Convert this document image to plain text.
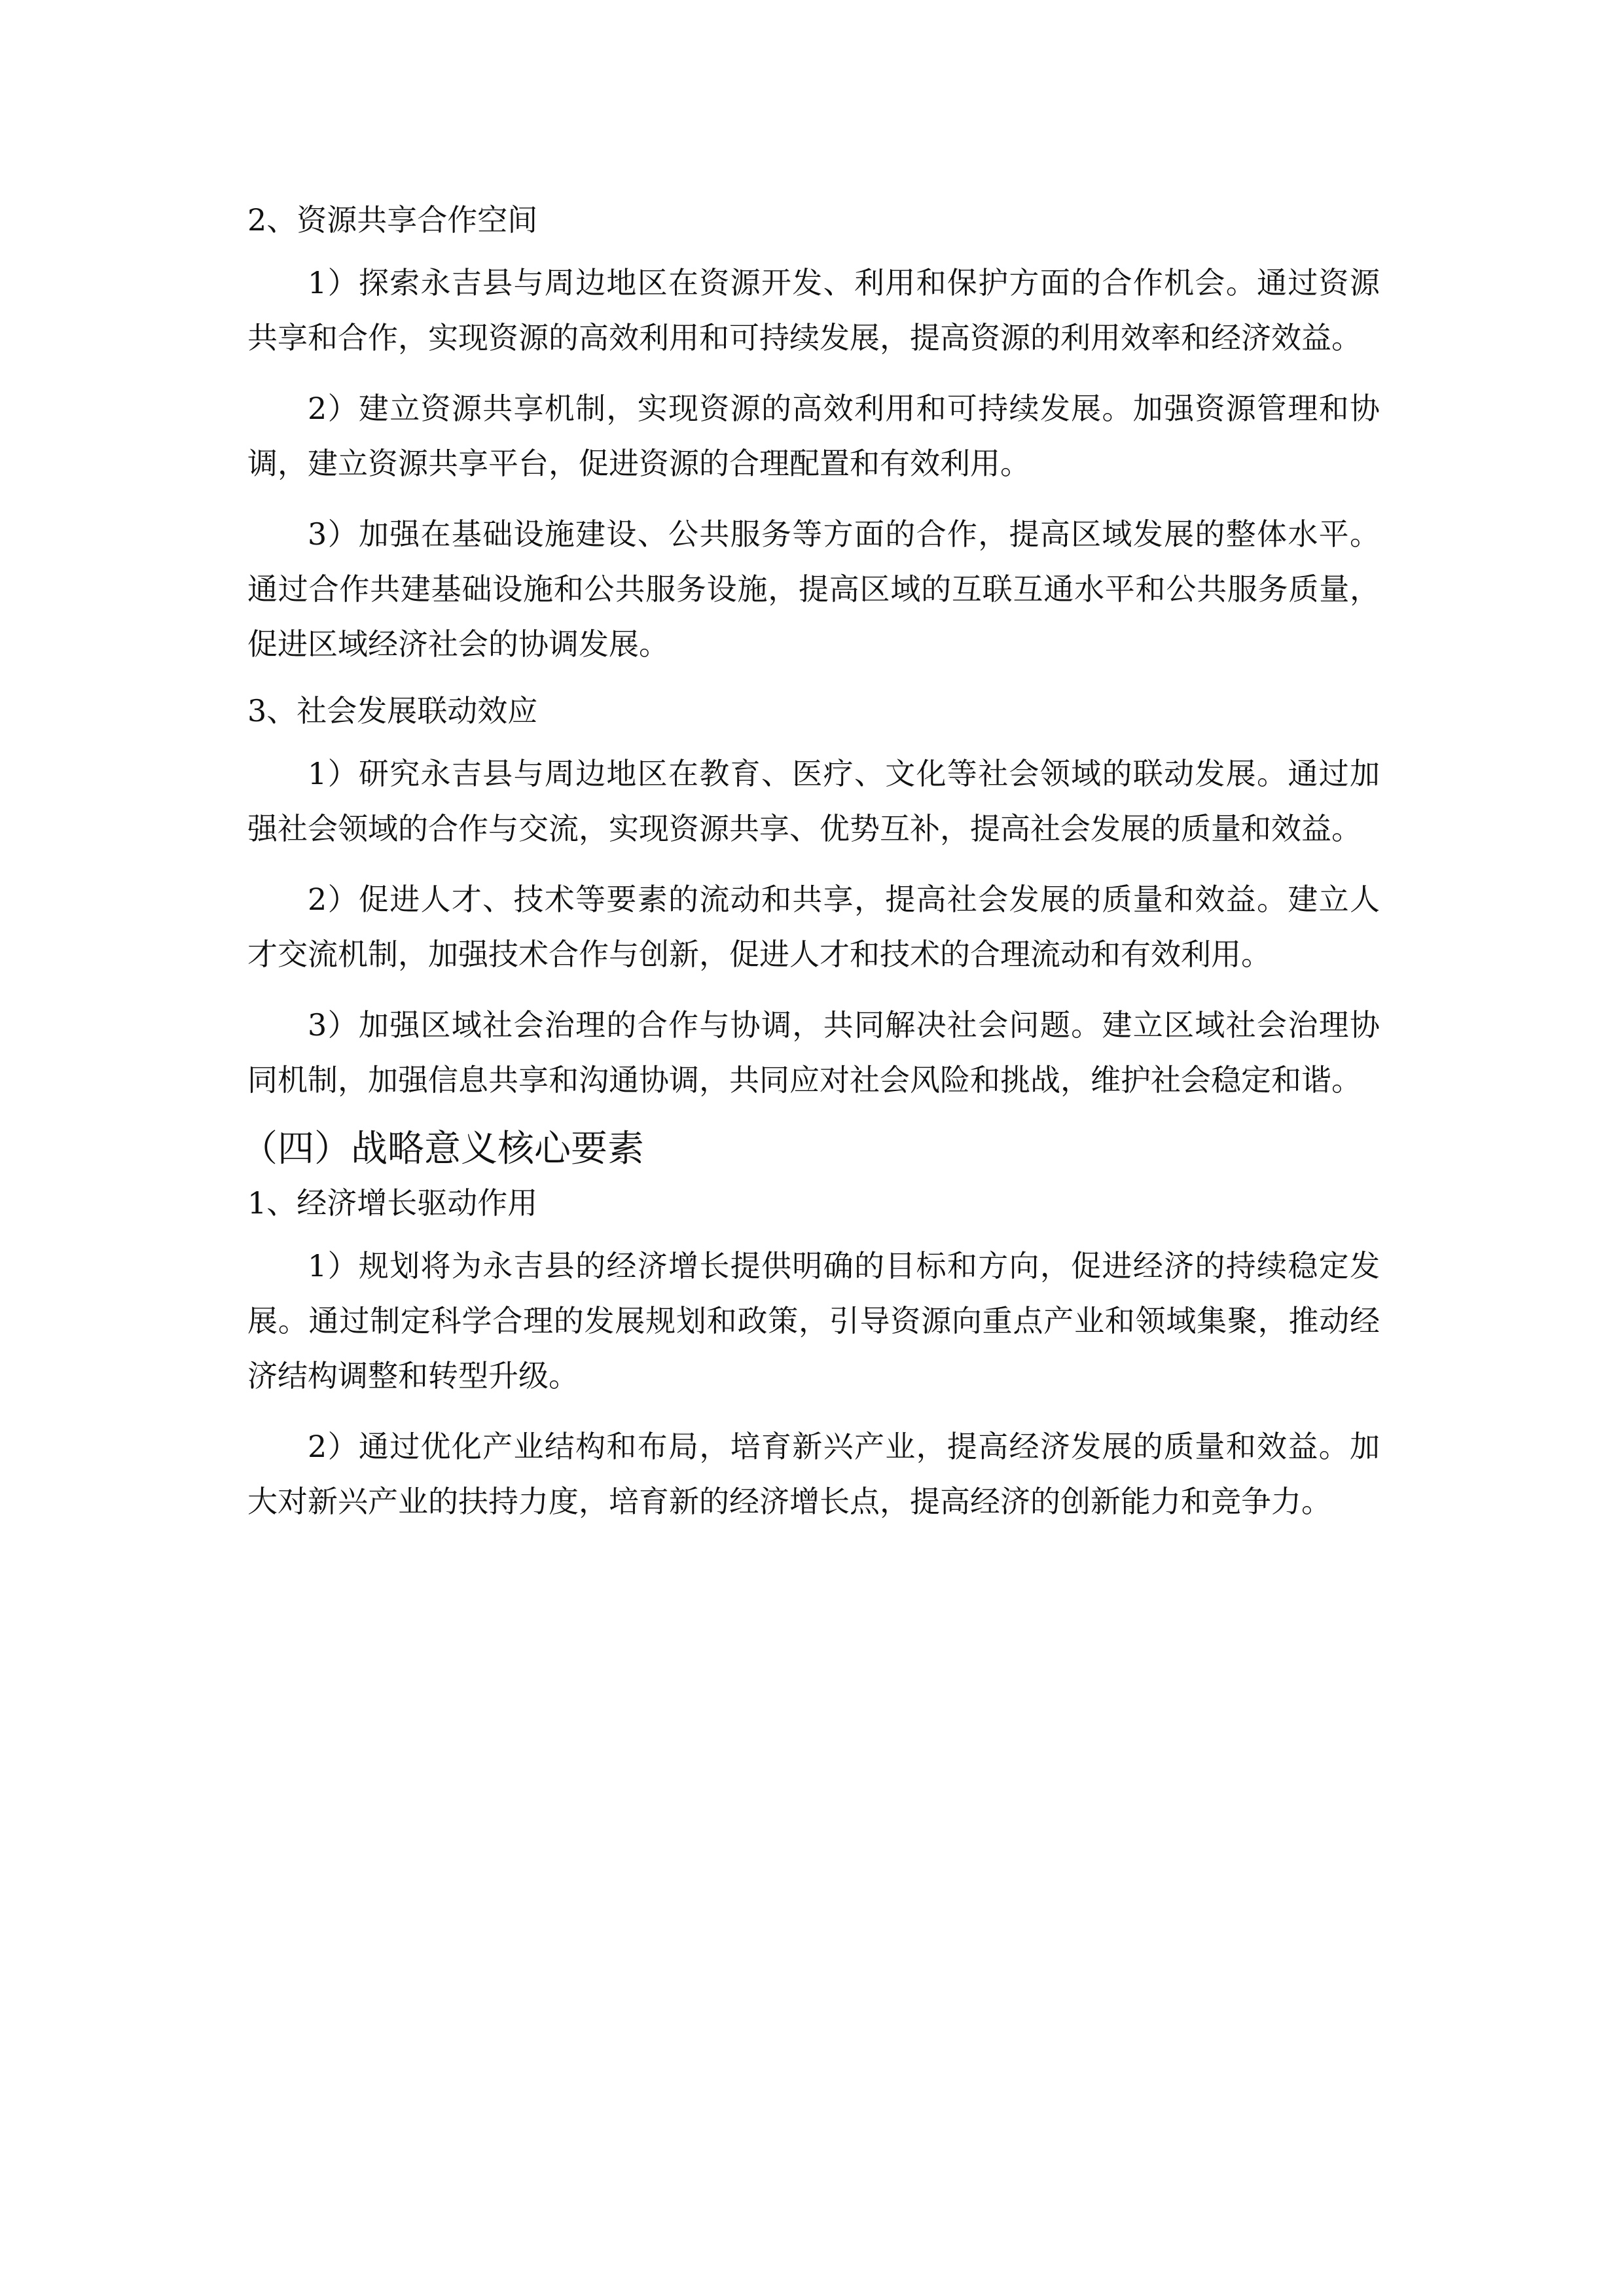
2、资源共享合作空间

1）探索永吉县与周边地区在资源开发、利用和保护方面的合作机会。通过资源共享和合作，实现资源的高效利用和可持续发展，提高资源的利用效率和经济效益。

2）建立资源共享机制，实现资源的高效利用和可持续发展。加强资源管理和协调，建立资源共享平台，促进资源的合理配置和有效利用。

3）加强在基础设施建设、公共服务等方面的合作，提高区域发展的整体水平。通过合作共建基础设施和公共服务设施，提高区域的互联互通水平和公共服务质量，促进区域经济社会的协调发展。

3、社会发展联动效应

1）研究永吉县与周边地区在教育、医疗、文化等社会领域的联动发展。通过加强社会领域的合作与交流，实现资源共享、优势互补，提高社会发展的质量和效益。

2）促进人才、技术等要素的流动和共享，提高社会发展的质量和效益。建立人才交流机制，加强技术合作与创新，促进人才和技术的合理流动和有效利用。

3）加强区域社会治理的合作与协调，共同解决社会问题。建立区域社会治理协同机制，加强信息共享和沟通协调，共同应对社会风险和挑战，维护社会稳定和谐。

（四）战略意义核心要素
1、经济增长驱动作用

1）规划将为永吉县的经济增长提供明确的目标和方向，促进经济的持续稳定发展。通过制定科学合理的发展规划和政策，引导资源向重点产业和领域集聚，推动经济结构调整和转型升级。

2）通过优化产业结构和布局，培育新兴产业，提高经济发展的质量和效益。加大对新兴产业的扶持力度，培育新的经济增长点，提高经济的创新能力和竞争力。
